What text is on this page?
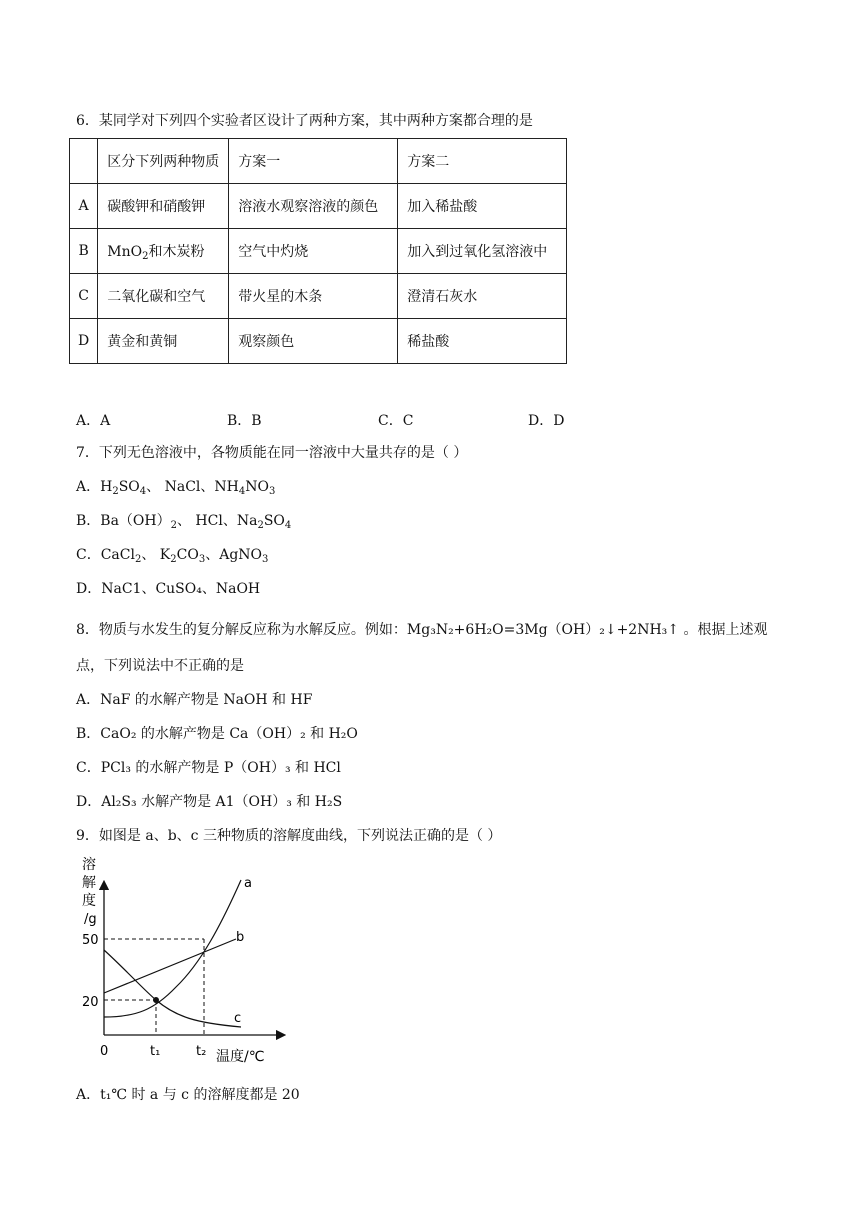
6．某同学对下列四个实验者区设计了两种方案，其中两种方案都合理的是
	区分下列两种物质	方案一	方案二
A	碳酸钾和硝酸钾	溶液水观察溶液的颜色	加入稀盐酸
B	MnO$_2$和木炭粉	空气中灼烧	加入到过氧化氢溶液中
C	二氧化碳和空气	带火星的木条	澄清石灰水
D	黄金和黄铜	观察颜色	稀盐酸
A．A	B．B	C．C	D．D
7．下列无色溶液中，各物质能在同一溶液中大量共存的是（ ）
A．$H_2SO_4$、 NaCl、$NH_4NO_3$
B．$Ba(OH)_2$、 HCl、$Na_2SO_4$
C．CaCl$_2$、 $K_2CO_3$、AgNO$_3$
D．NaC1、CuSO₄、NaOH
8．物质与水发生的复分解反应称为水解反应。例如：Mg₃N₂+6H₂O=3Mg（OH）₂↓+2NH₃↑ 。根据上述观
点，下列说法中不正确的是
A．NaF 的水解产物是 NaOH 和 HF
B．CaO₂ 的水解产物是 Ca（OH）₂ 和 H₂O
C．PCl₃ 的水解产物是 P（OH）₃ 和 HCl
D．Al₂S₃ 水解产物是 A1（OH）₃ 和 H₂S
9．如图是 a、b、c 三种物质的溶解度曲线，下列说法正确的是（ ）
溶
解
度
/g
50
20
0	t₁	t₂ 温度/℃
a
b
c
A．t₁℃ 时 a 与 c 的溶解度都是 20
